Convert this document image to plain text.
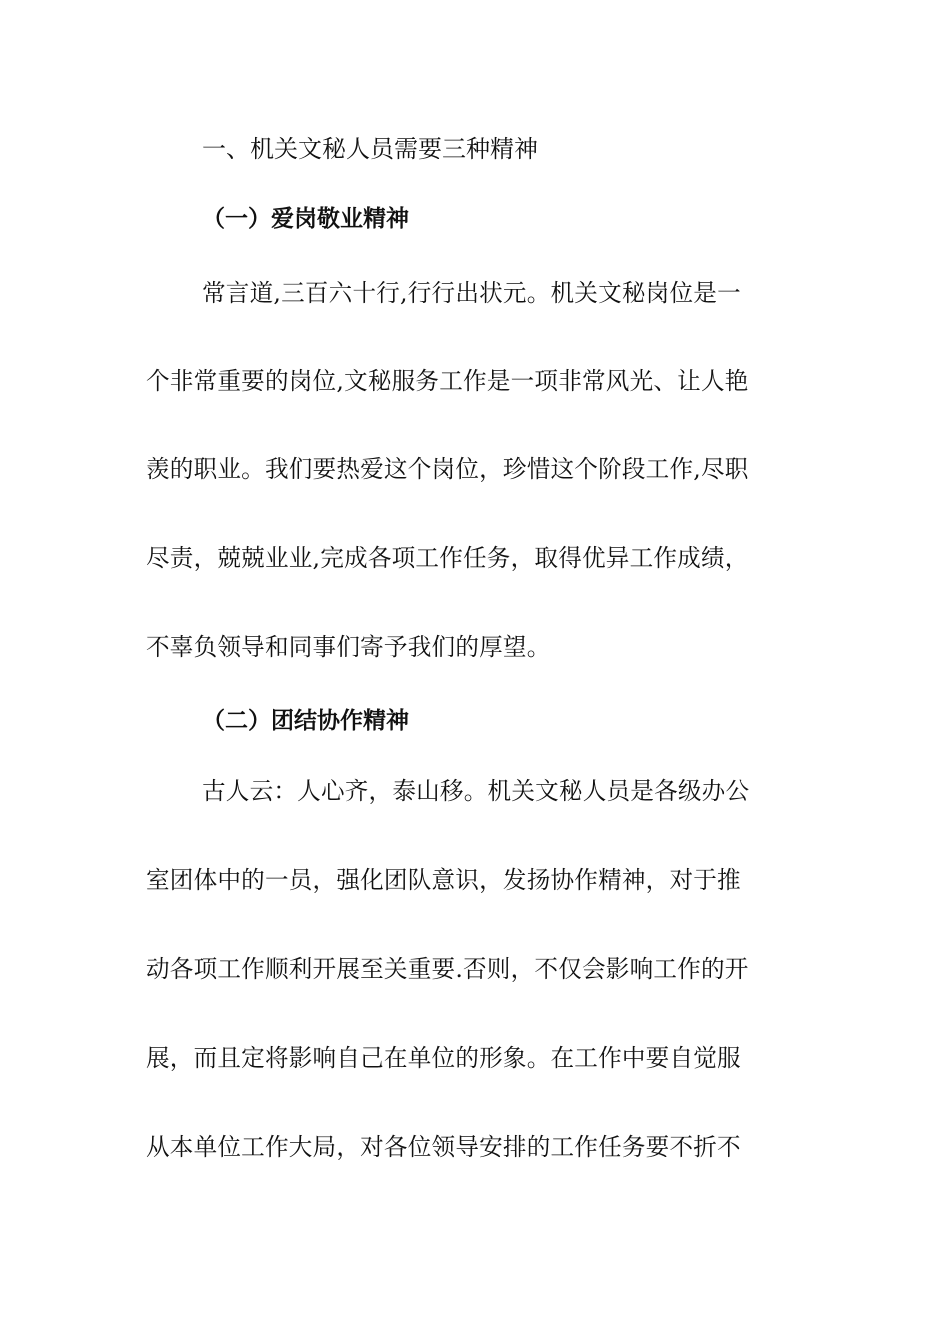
一、机关文秘人员需要三种精神
（一）爱岗敬业精神
常言道,三百六十行,行行出状元。机关文秘岗位是一
个非常重要的岗位,文秘服务工作是一项非常风光、让人艳
羡的职业。我们要热爱这个岗位，珍惜这个阶段工作,尽职
尽责，兢兢业业,完成各项工作任务，取得优异工作成绩，
不辜负领导和同事们寄予我们的厚望。
（二）团结协作精神
古人云：人心齐，泰山移。机关文秘人员是各级办公
室团体中的一员，强化团队意识，发扬协作精神，对于推
动各项工作顺利开展至关重要.否则，不仅会影响工作的开
展，而且定将影响自己在单位的形象。在工作中要自觉服
从本单位工作大局，对各位领导安排的工作任务要不折不
